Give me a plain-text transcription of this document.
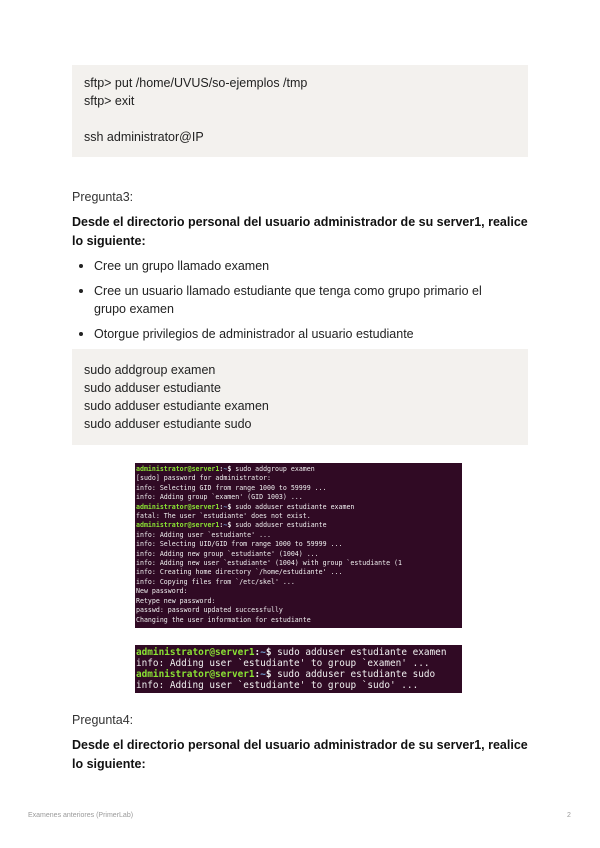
sftp> put /home/UVUS/so-ejemplos /tmp
sftp> exit
ssh administrator@IP
Pregunta3:
Desde el directorio personal del usuario administrador de su server1, realice lo siguiente:
Cree un grupo llamado examen
Cree un usuario llamado estudiante que tenga como grupo primario el grupo examen
Otorgue privilegios de administrador al usuario estudiante
sudo addgroup examen
sudo adduser estudiante
sudo adduser estudiante examen
sudo adduser estudiante sudo
administrator@server1:~$ sudo addgroup examen
[sudo] password for administrator:
info: Selecting GID from range 1000 to 59999 ...
info: Adding group `examen' (GID 1003) ...
administrator@server1:~$ sudo adduser estudiante examen
fatal: The user `estudiante' does not exist.
administrator@server1:~$ sudo adduser estudiante
info: Adding user `estudiante' ...
info: Selecting UID/GID from range 1000 to 59999 ...
info: Adding new group `estudiante' (1004) ...
info: Adding new user `estudiante' (1004) with group `estudiante (1
info: Creating home directory `/home/estudiante' ...
info: Copying files from `/etc/skel' ...
New password:
Retype new password:
passwd: password updated successfully
Changing the user information for estudiante
administrator@server1:~$ sudo adduser estudiante examen
info: Adding user `estudiante' to group `examen' ...
administrator@server1:~$ sudo adduser estudiante sudo
info: Adding user `estudiante' to group `sudo' ...
Pregunta4:
Desde el directorio personal del usuario administrador de su server1, realice lo siguiente:
Examenes anteriores (PrimerLab)	2
